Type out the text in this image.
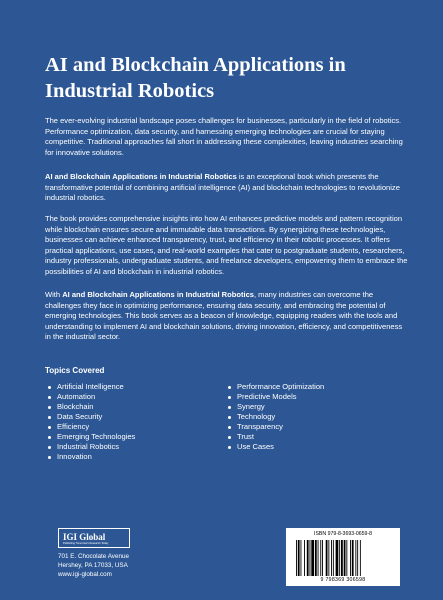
AI and Blockchain Applications in Industrial Robotics

The ever-evolving industrial landscape poses challenges for businesses, particularly in the field of robotics. Performance optimization, data security, and harnessing emerging technologies are crucial for staying competitive. Traditional approaches fall short in addressing these complexities, leaving industries searching for innovative solutions.

AI and Blockchain Applications in Industrial Robotics is an exceptional book which presents the transformative potential of combining artificial intelligence (AI) and blockchain technologies to revolutionize industrial robotics.

The book provides comprehensive insights into how AI enhances predictive models and pattern recognition while blockchain ensures secure and immutable data transactions. By synergizing these technologies, businesses can achieve enhanced transparency, trust, and efficiency in their robotic processes. It offers practical applications, use cases, and real-world examples that cater to postgraduate students, researchers, industry professionals, undergraduate students, and freelance developers, empowering them to embrace the possibilities of AI and blockchain in industrial robotics.

With AI and Blockchain Applications in Industrial Robotics, many industries can overcome the challenges they face in optimizing performance, ensuring data security, and embracing the potential of emerging technologies. This book serves as a beacon of knowledge, equipping readers with the tools and understanding to implement AI and blockchain solutions, driving innovation, efficiency, and competitiveness in the industrial sector.

Topics Covered
Artificial Intelligence
Automation
Blockchain
Data Security
Efficiency
Emerging Technologies
Industrial Robotics
Innovation
Performance Optimization
Predictive Models
Synergy
Technology
Transparency
Trust
Use Cases
IGI Global
Publishing Tomorrow's Research Today
701 E. Chocolate Avenue
Hershey, PA 17033, USA
www.igi-global.com
ISBN 979-8-3693-0659-8
9 798369 306598
